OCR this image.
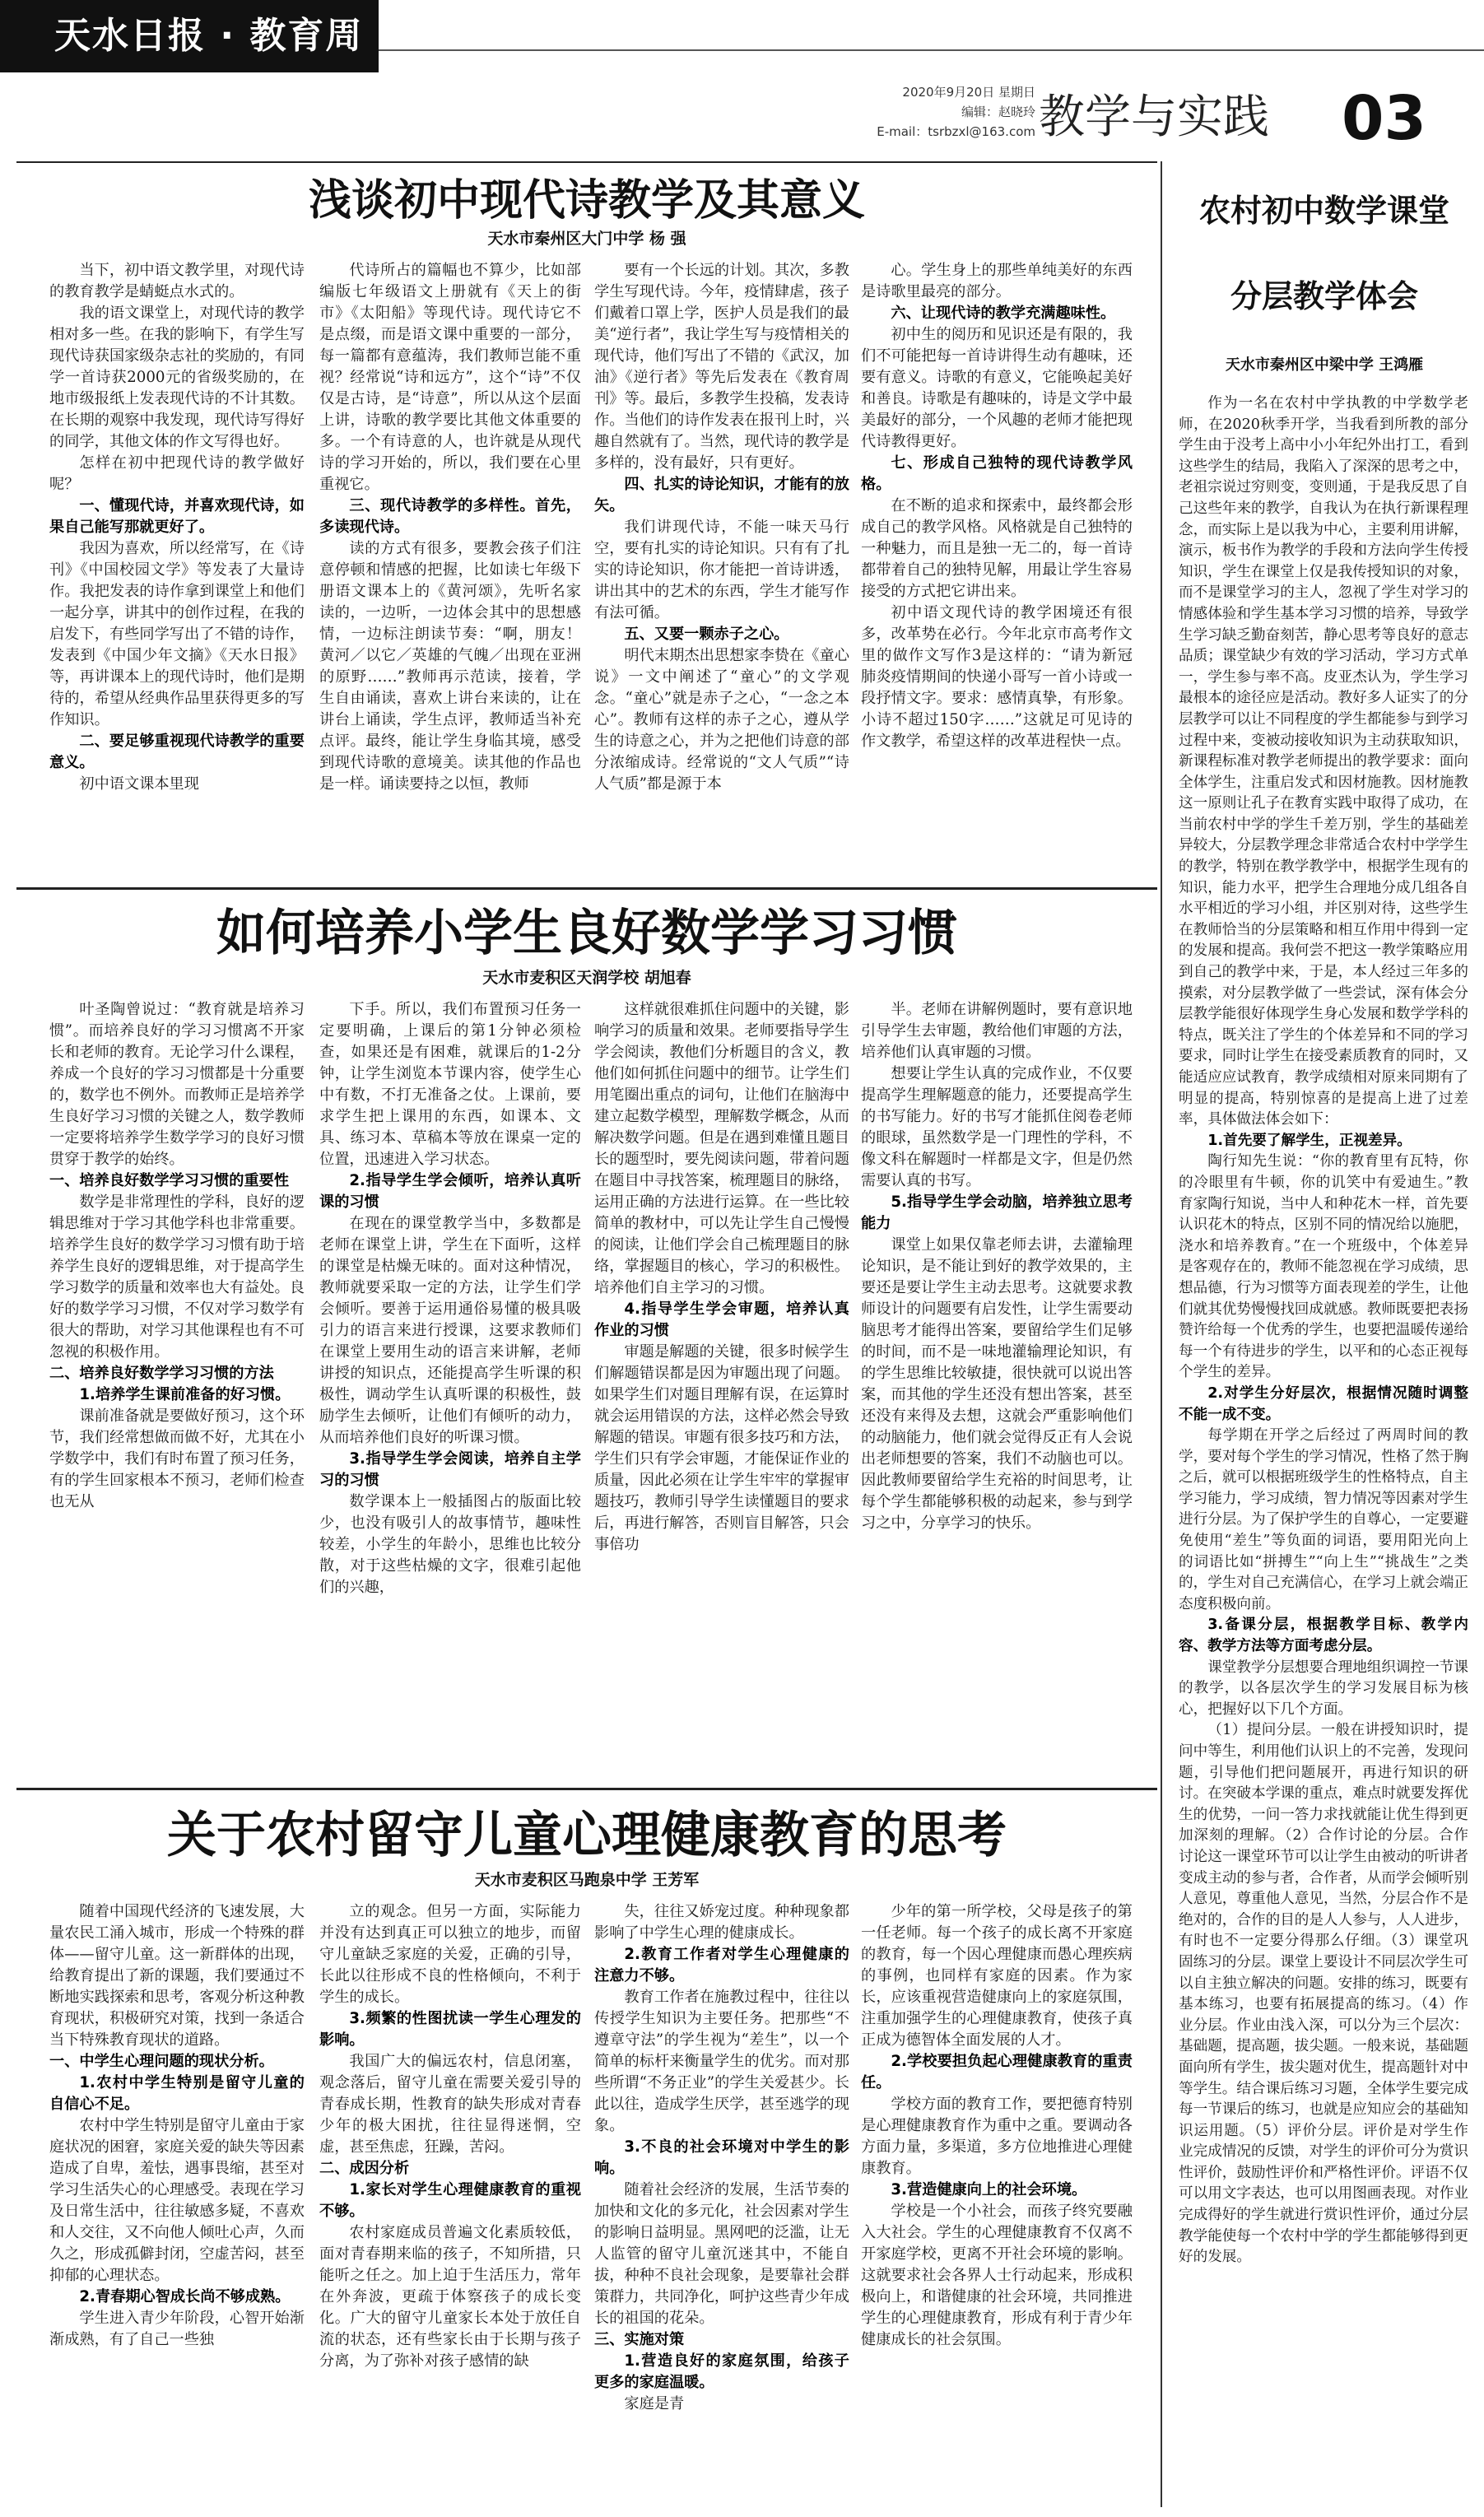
天水日报 · 教育周刊	2020年9月20日 星期日
编辑：赵晓玲
E-mail：tsrbzxl@163.com 教学与实践	03
浅谈初中现代诗教学及其意义
天水市秦州区大门中学 杨 强

当下，初中语文教学里，对现代诗的教育教学是蜻蜓点水式的。

我的语文课堂上，对现代诗的教学相对多一些。在我的影响下，有学生写现代诗获国家级杂志社的奖励的，有同学一首诗获2000元的省级奖励的，在地市级报纸上发表现代诗的不计其数。在长期的观察中我发现，现代诗写得好的同学，其他文体的作文写得也好。

怎样在初中把现代诗的教学做好呢？

一、懂现代诗，并喜欢现代诗，如果自己能写那就更好了。

我因为喜欢，所以经常写，在《诗刊》《中国校园文学》等发表了大量诗作。我把发表的诗作拿到课堂上和他们一起分享，讲其中的创作过程，在我的启发下，有些同学写出了不错的诗作，发表到《中国少年文摘》《天水日报》等，再讲课本上的现代诗时，他们是期待的，希望从经典作品里获得更多的写作知识。

二、要足够重视现代诗教学的重要意义。

初中语文课本里现

代诗所占的篇幅也不算少，比如部编版七年级语文上册就有《天上的街市》《太阳船》等现代诗。现代诗它不是点缀，而是语文课中重要的一部分，每一篇都有意蕴涛，我们教师岂能不重视？经常说“诗和远方”，这个“诗”不仅仅是古诗，是“诗意”，所以从这个层面上讲，诗歌的教学要比其他文体重要的多。一个有诗意的人，也许就是从现代诗的学习开始的，所以，我们要在心里重视它。

三、现代诗教学的多样性。首先，多读现代诗。

读的方式有很多，要教会孩子们注意停顿和情感的把握，比如读七年级下册语文课本上的《黄河颂》，先听名家读的，一边听，一边体会其中的思想感情，一边标注朗读节奏：“啊，朋友！黄河／以它／英雄的气魄／出现在亚洲的原野……”教师再示范读，接着，学生自由诵读，喜欢上讲台来读的，让在讲台上诵读，学生点评，教师适当补充点评。最终，能让学生身临其境，感受到现代诗歌的意境美。读其他的作品也是一样。诵读要持之以恒，教师

要有一个长远的计划。其次，多教学生写现代诗。今年，疫情肆虐，孩子们戴着口罩上学，医护人员是我们的最美“逆行者”，我让学生写与疫情相关的现代诗，他们写出了不错的《武汉，加油》《逆行者》等先后发表在《教育周刊》等。最后，多教学生投稿，发表诗作。当他们的诗作发表在报刊上时，兴趣自然就有了。当然，现代诗的教学是多样的，没有最好，只有更好。

四、扎实的诗论知识，才能有的放矢。

我们讲现代诗，不能一味天马行空，要有扎实的诗论知识。只有有了扎实的诗论知识，你才能把一首诗讲透，讲出其中的艺术的东西，学生才能写作有法可循。

五、又要一颗赤子之心。

明代末期杰出思想家李贽在《童心说》一文中阐述了“童心”的文学观念。“童心”就是赤子之心，“一念之本心”。教师有这样的赤子之心，遵从学生的诗意之心，并为之把他们诗意的部分浓缩成诗。经常说的“文人气质”“诗人气质”都是源于本

心。学生身上的那些单纯美好的东西是诗歌里最亮的部分。

六、让现代诗的教学充满趣味性。

初中生的阅历和见识还是有限的，我们不可能把每一首诗讲得生动有趣味，还要有意义。诗歌的有意义，它能唤起美好和善良。诗歌是有趣味的，诗是文学中最美最好的部分，一个风趣的老师才能把现代诗教得更好。

七、形成自己独特的现代诗教学风格。

在不断的追求和探索中，最终都会形成自己的教学风格。风格就是自己独特的一种魅力，而且是独一无二的，每一首诗都带着自己的独特见解，用最让学生容易接受的方式把它讲出来。

初中语文现代诗的教学困境还有很多，改革势在必行。今年北京市高考作文里的做作文写作3是这样的：“请为新冠肺炎疫情期间的快递小哥写一首小诗或一段抒情文字。要求：感情真挚，有形象。小诗不超过150字……”这就足可见诗的作文教学，希望这样的改革进程快一点。

如何培养小学生良好数学学习习惯
天水市麦积区天润学校 胡旭春

叶圣陶曾说过：“教育就是培养习惯”。而培养良好的学习习惯离不开家长和老师的教育。无论学习什么课程，养成一个良好的学习习惯都是十分重要的，数学也不例外。而教师正是培养学生良好学习习惯的关键之人，数学教师一定要将培养学生数学学习的良好习惯贯穿于教学的始终。

一、培养良好数学学习习惯的重要性

数学是非常理性的学科，良好的逻辑思维对于学习其他学科也非常重要。培养学生良好的数学学习习惯有助于培养学生良好的逻辑思维，对于提高学生学习数学的质量和效率也大有益处。良好的数学学习习惯，不仅对学习数学有很大的帮助，对学习其他课程也有不可忽视的积极作用。

二、培养良好数学学习习惯的方法

1.培养学生课前准备的好习惯。

课前准备就是要做好预习，这个环节，我们经常想做而做不好，尤其在小学数学中，我们有时布置了预习任务，有的学生回家根本不预习，老师们检查也无从

下手。所以，我们布置预习任务一定要明确，上课后的第1分钟必须检查，如果还是有困难，就课后的1-2分钟，让学生浏览本节课内容，使学生心中有数，不打无准备之仗。上课前，要求学生把上课用的东西，如课本、文具、练习本、草稿本等放在课桌一定的位置，迅速进入学习状态。

2.指导学生学会倾听，培养认真听课的习惯

在现在的课堂教学当中，多数都是老师在课堂上讲，学生在下面听，这样的课堂是枯燥无味的。面对这种情况，教师就要采取一定的方法，让学生们学会倾听。要善于运用通俗易懂的极具吸引力的语言来进行授课，这要求教师们在课堂上要用生动的语言来讲解，老师讲授的知识点，还能提高学生听课的积极性，调动学生认真听课的积极性，鼓励学生去倾听，让他们有倾听的动力，从而培养他们良好的听课习惯。

3.指导学生学会阅读，培养自主学习的习惯

数学课本上一般插图占的版面比较少，也没有吸引人的故事情节，趣味性较差，小学生的年龄小，思维也比较分散，对于这些枯燥的文字，很难引起他们的兴趣，

这样就很难抓住问题中的关键，影响学习的质量和效果。老师要指导学生学会阅读，教他们分析题目的含义，教他们如何抓住问题中的细节。让学生们用笔圈出重点的词句，让他们在脑海中建立起数学模型，理解数学概念，从而解决数学问题。但是在遇到难懂且题目长的题型时，要先阅读问题，带着问题在题目中寻找答案，梳理题目的脉络，运用正确的方法进行运算。在一些比较简单的教材中，可以先让学生自己慢慢的阅读，让他们学会自己梳理题目的脉络，掌握题目的核心，学习的积极性。培养他们自主学习的习惯。

4.指导学生学会审题，培养认真作业的习惯

审题是解题的关键，很多时候学生们解题错误都是因为审题出现了问题。如果学生们对题目理解有误，在运算时就会运用错误的方法，这样必然会导致解题的错误。审题有很多技巧和方法，学生们只有学会审题，才能保证作业的质量，因此必须在让学生牢牢的掌握审题技巧，教师引导学生读懂题目的要求后，再进行解答，否则盲目解答，只会事倍功

半。老师在讲解例题时，要有意识地引导学生去审题，教给他们审题的方法，培养他们认真审题的习惯。

想要让学生认真的完成作业，不仅要提高学生理解题意的能力，还要提高学生的书写能力。好的书写才能抓住阅卷老师的眼球，虽然数学是一门理性的学科，不像文科在解题时一样都是文字，但是仍然需要认真的书写。

5.指导学生学会动脑，培养独立思考能力

课堂上如果仅靠老师去讲，去灌输理论知识，是不能让到好的教学效果的，主要还是要让学生主动去思考。这就要求教师设计的问题要有启发性，让学生需要动脑思考才能得出答案，要留给学生们足够的时间，而不是一味地灌输理论知识，有的学生思维比较敏捷，很快就可以说出答案，而其他的学生还没有想出答案，甚至还没有来得及去想，这就会严重影响他们的动脑能力，他们就会觉得反正有人会说出老师想要的答案，我们不动脑也可以。因此教师要留给学生充裕的时间思考，让每个学生都能够积极的动起来，参与到学习之中，分享学习的快乐。

关于农村留守儿童心理健康教育的思考
天水市麦积区马跑泉中学 王芳军

随着中国现代经济的飞速发展，大量农民工涌入城市，形成一个特殊的群体——留守儿童。这一新群体的出现，给教育提出了新的课题，我们要通过不断地实践探索和思考，客观分析这种教育现状，积极研究对策，找到一条适合当下特殊教育现状的道路。

一、中学生心理问题的现状分析。

1.农村中学生特别是留守儿童的自信心不足。

农村中学生特别是留守儿童由于家庭状况的困窘，家庭关爱的缺失等因素造成了自卑，羞怯，遇事畏缩，甚至对学习生活失心的心理感受。表现在学习及日常生活中，往往敏感多疑，不喜欢和人交往，又不向他人倾吐心声，久而久之，形成孤僻封闭，空虚苦闷，甚至抑郁的心理状态。

2.青春期心智成长尚不够成熟。

学生进入青少年阶段，心智开始渐渐成熟，有了自己一些独

立的观念。但另一方面，实际能力并没有达到真正可以独立的地步，而留守儿童缺乏家庭的关爱，正确的引导，长此以往形成不良的性格倾向，不利于学生的成长。

3.频繁的性图扰读一学生心理发的影响。

我国广大的偏远农村，信息闭塞，观念落后，留守儿童在需要关爱引导的青春成长期，性教育的缺失形成对青春少年的极大困扰，往往显得迷惘，空虚，甚至焦虑，狂躁，苦闷。

二、成因分析

1.家长对学生心理健康教育的重视不够。

农村家庭成员普遍文化素质较低，面对青春期来临的孩子，不知所措，只能听之任之。加上迫于生活压力，常年在外奔波，更疏于体察孩子的成长变化。广大的留守儿童家长本处于放任自流的状态，还有些家长由于长期与孩子分离，为了弥补对孩子感情的缺

失，往往又娇宠过度。种种现象都影响了中学生心理的健康成长。

2.教育工作者对学生心理健康的注意力不够。

教育工作者在施教过程中，往往以传授学生知识为主要任务。把那些“不遵章守法”的学生视为“差生”，以一个简单的标杆来衡量学生的优劣。而对那些所谓“不务正业”的学生关爱甚少。长此以往，造成学生厌学，甚至逃学的现象。

3.不良的社会环境对中学生的影响。

随着社会经济的发展，生活节奏的加快和文化的多元化，社会因素对学生的影响日益明显。黑网吧的泛滥，让无人监管的留守儿童沉迷其中，不能自拔，种种不良社会现象，是要靠社会群策群力，共同净化，呵护这些青少年成长的祖国的花朵。

三、实施对策

1.营造良好的家庭氛围，给孩子更多的家庭温暖。

家庭是青

少年的第一所学校，父母是孩子的第一任老师。每一个孩子的成长离不开家庭的教育，每一个因心理健康而愚心理疾病的事例，也同样有家庭的因素。作为家长，应该重视营造健康向上的家庭氛围，注重加强学生的心理健康教育，使孩子真正成为德智体全面发展的人才。

2.学校要担负起心理健康教育的重责任。

学校方面的教育工作，要把德育特别是心理健康教育作为重中之重。要调动各方面力量，多渠道，多方位地推进心理健康教育。

3.营造健康向上的社会环境。

学校是一个小社会，而孩子终究要融入大社会。学生的心理健康教育不仅离不开家庭学校，更离不开社会环境的影响。这就要求社会各界人士行动起来，形成积极向上，和谐健康的社会环境，共同推进学生的心理健康教育，形成有利于青少年健康成长的社会氛围。

农村初中数学课堂
分层教学体会
天水市秦州区中梁中学 王鸿雁

作为一名在农村中学执教的中学数学老师，在2020秋季开学，当我看到所教的部分学生由于没考上高中小小年纪外出打工，看到这些学生的结局，我陷入了深深的思考之中，老祖宗说过穷则变，变则通，于是我反思了自己这些年来的教学，自我认为在执行新课程理念，而实际上是以我为中心，主要利用讲解，演示，板书作为教学的手段和方法向学生传授知识，学生在课堂上仅是我传授知识的对象，而不是课堂学习的主人，忽视了学生对学习的情感体验和学生基本学习习惯的培养，导致学生学习缺乏勤奋刻苦，静心思考等良好的意志品质；课堂缺少有效的学习活动，学习方式单一，学生参与率不高。皮亚杰认为，学生学习最根本的途径应是活动。教好多人证实了的分层教学可以让不同程度的学生都能参与到学习过程中来，变被动接收知识为主动获取知识，新课程标准对教学老师提出的教学要求：面向全体学生，注重启发式和因材施教。因材施教这一原则让孔子在教育实践中取得了成功，在当前农村中学的学生千差万别，学生的基础差异较大，分层教学理念非常适合农村中学学生的教学，特别在教学教学中，根据学生现有的知识，能力水平，把学生合理地分成几组各自水平相近的学习小组，并区别对待，这些学生在教师恰当的分层策略和相互作用中得到一定的发展和提高。我何尝不把这一教学策略应用到自己的教学中来，于是，本人经过三年多的摸索，对分层教学做了一些尝试，深有体会分层教学能很好体现学生身心发展和数学学科的特点，既关注了学生的个体差异和不同的学习要求，同时让学生在接受素质教育的同时，又能适应应试教育，教学成绩相对原来同期有了明显的提高，特别惊喜的是提高上进了过差率，具体做法体会如下：

1.首先要了解学生，正视差异。

陶行知先生说：“你的教育里有瓦特，你的冷眼里有牛顿，你的讥笑中有爱迪生。”教育家陶行知说，当中人和种花木一样，首先要认识花木的特点，区别不同的情况给以施肥，浇水和培养教育。”在一个班级中，个体差异是客观存在的，教师不能忽视在学习成绩，思想品德，行为习惯等方面表现差的学生，让他们就其优势慢慢找回成就感。教师既要把表扬赞许给每一个优秀的学生，也要把温暖传递给每一个有待进步的学生，以平和的心态正视每个学生的差异。

2.对学生分好层次，根据情况随时调整不能一成不变。

每学期在开学之后经过了两周时间的教学，要对每个学生的学习情况，性格了然于胸之后，就可以根据班级学生的性格特点，自主学习能力，学习成绩，智力情况等因素对学生进行分层。为了保护学生的自尊心，一定要避免使用“差生”等负面的词语，要用阳光向上的词语比如“拼搏生”“向上生”“挑战生”之类的，学生对自己充满信心，在学习上就会端正态度积极向前。

3.备课分层，根据教学目标、教学内容、教学方法等方面考虑分层。

课堂教学分层想要合理地组织调控一节课的教学，以各层次学生的学习发展目标为核心，把握好以下几个方面。

（1）提问分层。一般在讲授知识时，提问中等生，利用他们认识上的不完善，发现问题，引导他们把问题展开，再进行知识的研讨。在突破本学课的重点，难点时就要发挥优生的优势，一问一答力求找就能让优生得到更加深刻的理解。（2）合作讨论的分层。合作讨论这一课堂环节可以让学生由被动的听讲者变成主动的参与者，合作者，从而学会倾听别人意见，尊重他人意见，当然，分层合作不是绝对的，合作的目的是人人参与，人人进步，有时也不一定要分得那么仔细。（3）课堂巩固练习的分层。课堂上要设计不同层次学生可以自主独立解决的问题。安排的练习，既要有基本练习，也要有拓展提高的练习。（4）作业分层。作业由浅入深，可以分为三个层次：基础题，提高题，拔尖题。一般来说，基础题面向所有学生，拔尖题对优生，提高题针对中等学生。结合课后练习习题，全体学生要完成每一节课后的练习，也就是应知应会的基础知识运用题。（5）评价分层。评价是对学生作业完成情况的反馈，对学生的评价可分为赏识性评价，鼓励性评价和严格性评价。评语不仅可以用文字表达，也可以用图画表现。对作业完成得好的学生就进行赏识性评价，通过分层教学能使每一个农村中学的学生都能够得到更好的发展。
